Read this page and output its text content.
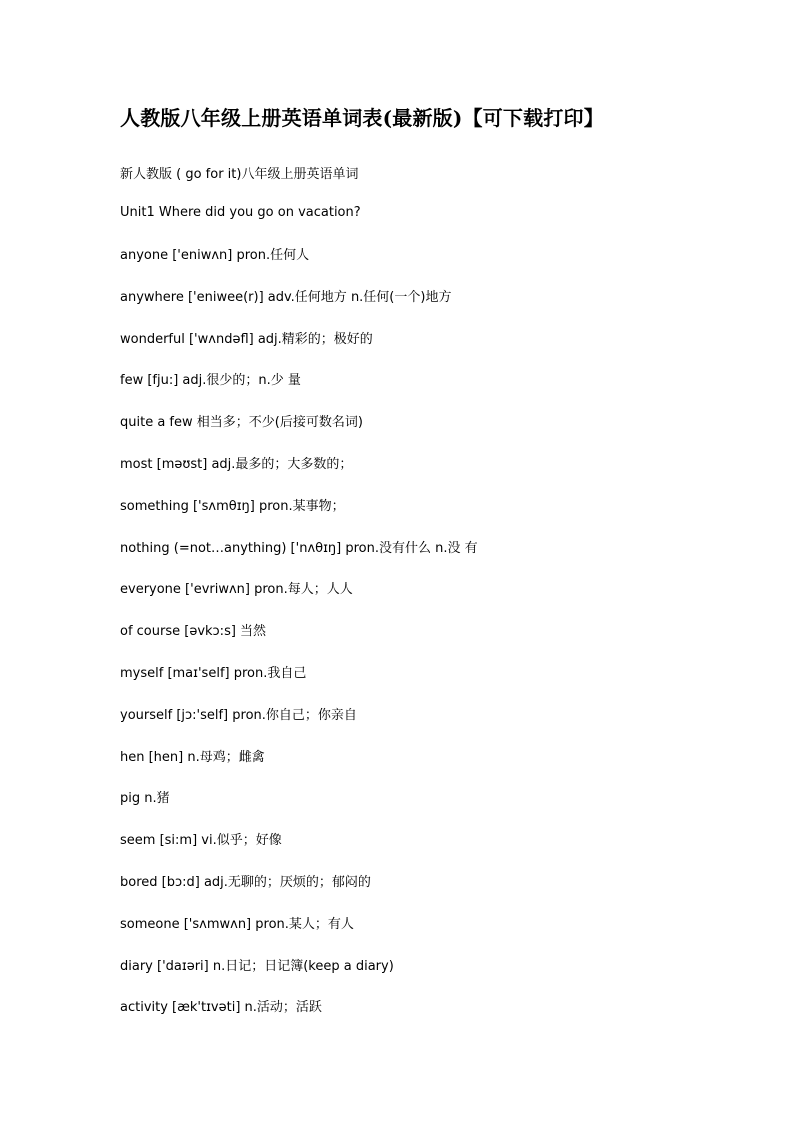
人教版八年级上册英语单词表(最新版)【可下载打印】
新人教版 ( go for it)八年级上册英语单词
Unit1 Where did you go on vacation?
anyone ['eniwʌn] pron.任何人
anywhere ['eniwee(r)] adv.任何地方 n.任何(一个)地方
wonderful ['wʌndəfl] adj.精彩的；极好的
few [fju:] adj.很少的；n.少 量
quite a few 相当多；不少(后接可数名词)
most [məʊst] adj.最多的；大多数的；
something ['sʌmθɪŋ] pron.某事物；
nothing (=not…anything) ['nʌθɪŋ] pron.没有什么 n.没 有
everyone ['evriwʌn] pron.每人；人人
of course [əvkɔ:s] 当然
myself [maɪ'self] pron.我自己
yourself [jɔ:'self] pron.你自己；你亲自
hen [hen] n.母鸡；雌禽
pig n.猪
seem [si:m] vi.似乎；好像
bored [bɔ:d] adj.无聊的；厌烦的；郁闷的
someone ['sʌmwʌn] pron.某人；有人
diary ['daɪəri] n.日记；日记簿(keep a diary)
activity [æk'tɪvəti] n.活动；活跃
